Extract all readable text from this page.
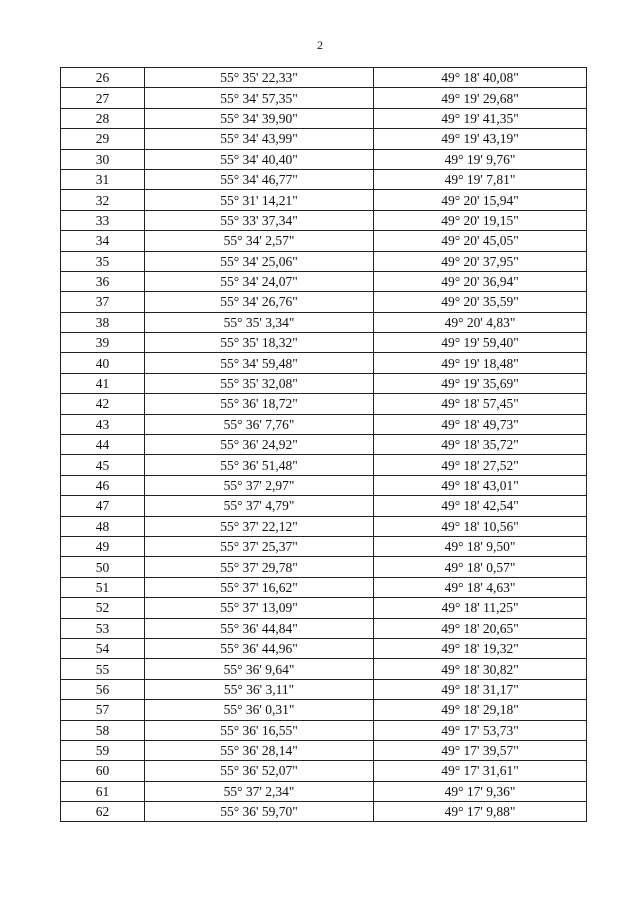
2
26	55° 35' 22,33"	49° 18' 40,08"
27	55° 34' 57,35"	49° 19' 29,68"
28	55° 34' 39,90"	49° 19' 41,35"
29	55° 34' 43,99"	49° 19' 43,19"
30	55° 34' 40,40"	49° 19' 9,76"
31	55° 34' 46,77"	49° 19' 7,81"
32	55° 31' 14,21"	49° 20' 15,94"
33	55° 33' 37,34"	49° 20' 19,15"
34	55° 34' 2,57"	49° 20' 45,05"
35	55° 34' 25,06"	49° 20' 37,95"
36	55° 34' 24,07"	49° 20' 36,94"
37	55° 34' 26,76"	49° 20' 35,59"
38	55° 35' 3,34"	49° 20' 4,83"
39	55° 35' 18,32"	49° 19' 59,40"
40	55° 34' 59,48"	49° 19' 18,48"
41	55° 35' 32,08"	49° 19' 35,69"
42	55° 36' 18,72"	49° 18' 57,45"
43	55° 36' 7,76"	49° 18' 49,73"
44	55° 36' 24,92"	49° 18' 35,72"
45	55° 36' 51,48"	49° 18' 27,52"
46	55° 37' 2,97"	49° 18' 43,01"
47	55° 37' 4,79"	49° 18' 42,54"
48	55° 37' 22,12"	49° 18' 10,56"
49	55° 37' 25,37"	49° 18' 9,50"
50	55° 37' 29,78"	49° 18' 0,57"
51	55° 37' 16,62"	49° 18' 4,63"
52	55° 37' 13,09"	49° 18' 11,25"
53	55° 36' 44,84"	49° 18' 20,65"
54	55° 36' 44,96"	49° 18' 19,32"
55	55° 36' 9,64"	49° 18' 30,82"
56	55° 36' 3,11"	49° 18' 31,17"
57	55° 36' 0,31"	49° 18' 29,18"
58	55° 36' 16,55"	49° 17' 53,73"
59	55° 36' 28,14"	49° 17' 39,57"
60	55° 36' 52,07"	49° 17' 31,61"
61	55° 37' 2,34"	49° 17' 9,36"
62	55° 36' 59,70"	49° 17' 9,88"
